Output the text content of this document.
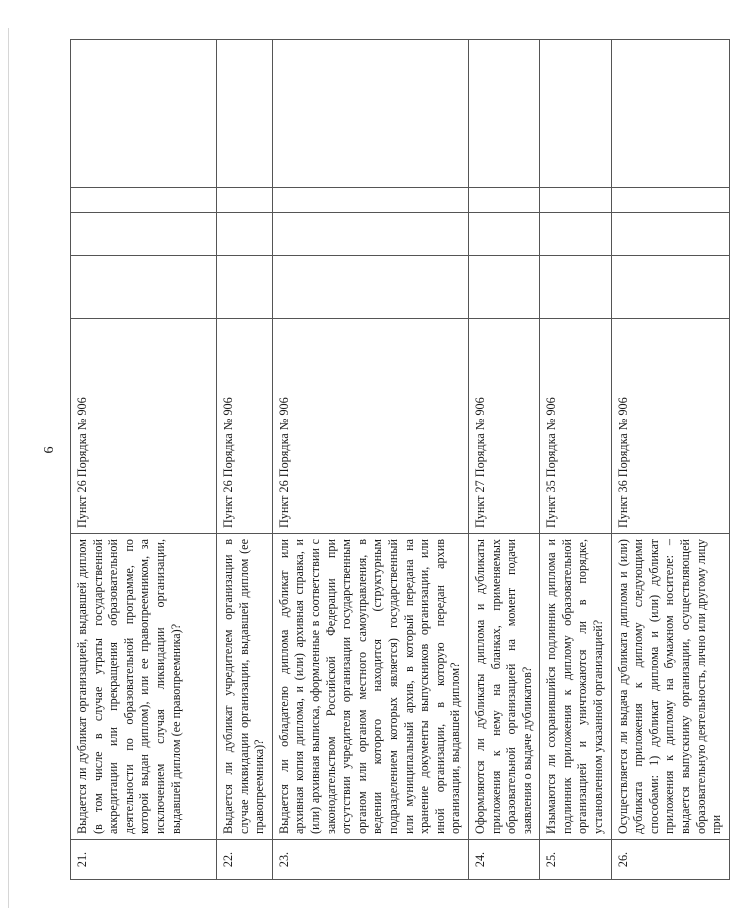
6
21.	Выдается ли дубликат организацией, выдавшей диплом (в том числе в случае утраты государственной аккредитации или прекращения образовательной деятельности по образовательной программе, по которой выдан диплом), или ее правопреемником, за исключением случая ликвидации организации, выдавшей диплом (ее правопреемника)?	Пункт 26 Порядка № 906				
22.	Выдается ли дубликат учредителем организации в случае ликвидации организации, выдавшей диплом (ее правопреемника)?	Пункт 26 Порядка № 906				
23.	Выдается ли обладателю диплома дубликат или архивная копия диплома, и (или) архивная справка, и (или) архивная выписка, оформленные в соответствии с законодательством Российской Федерации при отсутствии учредителя организации государственным органом или органом местного самоуправления, в ведении которого находится (структурным подразделением которых является) государственный или муниципальный архив, в который передана на хранение документы выпускников организации, или иной организации, в которую передан архив организации, выдавшей диплом?	Пункт 26 Порядка № 906				
24.	Оформляются ли дубликаты диплома и дубликаты приложения к нему на бланках, применяемых образовательной организацией на момент подачи заявления о выдаче дубликатов?	Пункт 27 Порядка № 906				
25.	Изымаются ли сохранившийся подлинник диплома и подлинник приложения к диплому образовательной организацией и уничтожаются ли в порядке, установленном указанной организацией?	Пункт 35 Порядка № 906				
26.	Осуществляется ли выдача дубликата диплома и (или) дубликата приложения к диплому следующими способами: 1) дубликат диплома и (или) дубликат приложения к диплому на бумажном носителе: – выдается выпускнику организации, осуществляющей образовательную деятельность, лично или другому лицу при	Пункт 36 Порядка № 906				
